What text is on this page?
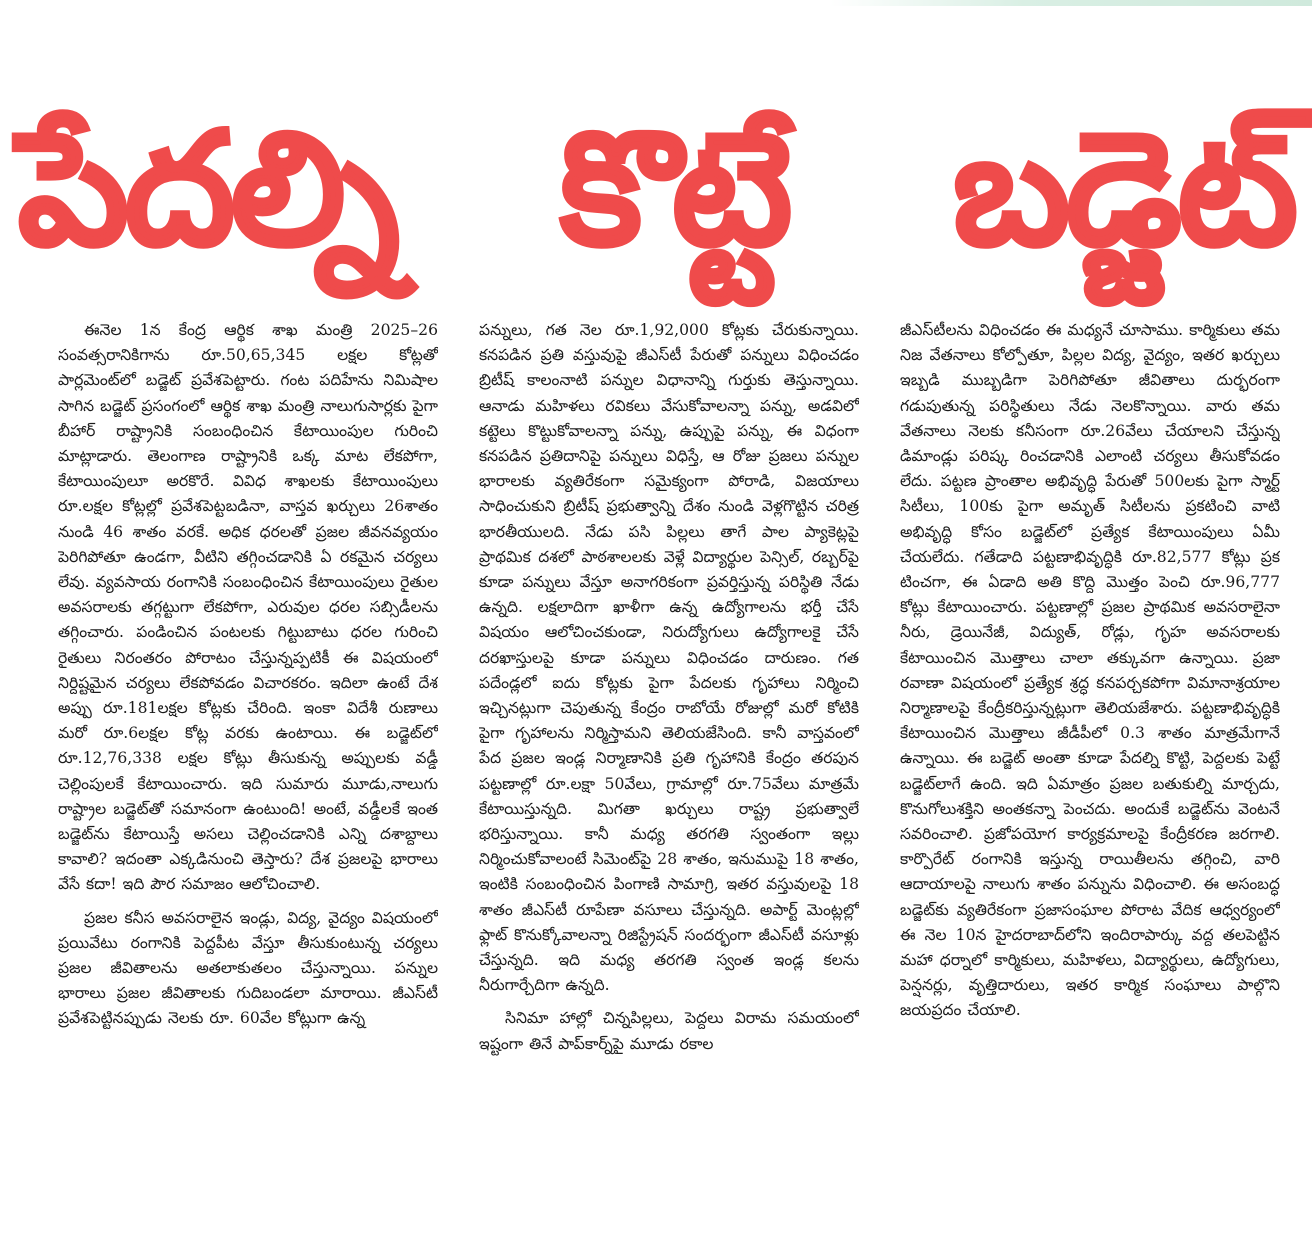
పేదల్ని కొట్టే బడ్జెట్

ఈనెల 1న కేంద్ర ఆర్థిక శాఖ మంత్రి 2025–26 సంవత్సరానికిగాను రూ.50,65,345 లక్షల కోట్లతో పార్లమెంట్‌లో బడ్జెట్ ప్రవేశపెట్టారు. గంట పదిహేను నిమిషాల సాగిన బడ్జెట్ ప్రసంగంలో ఆర్థిక శాఖ మంత్రి నాలుగుసార్లకు పైగా బీహార్ రాష్ట్రానికి సంబంధించిన కేటాయింపుల గురించి మాట్లాడారు. తెలంగాణ రాష్ట్రానికి ఒక్క మాట లేకపోగా, కేటాయింపులూ అరకొరే. వివిధ శాఖలకు కేటాయింపులు రూ.లక్షల కోట్లల్లో ప్రవేశపెట్టబడినా, వాస్తవ ఖర్చులు 26శాతం నుండి 46 శాతం వరకే. అధిక ధరలతో ప్రజల జీవనవ్యయం పెరిగిపోతూ ఉండగా, వీటిని తగ్గించడానికి ఏ రకమైన చర్యలు లేవు. వ్యవసాయ రంగానికి సంబంధించిన కేటాయింపులు రైతుల అవసరాలకు తగ్గట్టుగా లేకపోగా, ఎరువుల ధరల సబ్సిడీలను తగ్గించారు. పండించిన పంటలకు గిట్టుబాటు ధరల గురించి రైతులు నిరంతరం పోరాటం చేస్తున్నప్పటికీ ఈ విషయంలో నిర్దిష్టమైన చర్యలు లేకపోవడం విచారకరం. ఇదిలా ఉంటే దేశ అప్పు రూ.181లక్షల కోట్లకు చేరింది. ఇంకా విదేశీ రుణాలు మరో రూ.6లక్షల కోట్ల వరకు ఉంటాయి. ఈ బడ్జెట్‌లో రూ.12,76,338 లక్షల కోట్లు తీసుకున్న అప్పులకు వడ్డీ చెల్లింపులకే కేటాయించారు. ఇది సుమారు మూడు,నాలుగు రాష్ట్రాల బడ్జెట్‌తో సమానంగా ఉంటుంది! అంటే, వడ్డీలకే ఇంత బడ్జెట్‌ను కేటాయిస్తే అసలు చెల్లించడానికి ఎన్ని దశాబ్దాలు కావాలి? ఇదంతా ఎక్కడినుంచి తెస్తారు? దేశ ప్రజలపై భారాలు వేసే కదా! ఇది పౌర సమాజం ఆలోచించాలి.

ప్రజల కనీస అవసరాలైన ఇండ్లు, విద్య, వైద్యం విషయంలో ప్రయివేటు రంగానికి పెద్దపీట వేస్తూ తీసుకుంటున్న చర్యలు ప్రజల జీవితాలను అతలాకుతలం చేస్తున్నాయి. పన్నుల భారాలు ప్రజల జీవితాలకు గుదిబండలా మారాయి. జీఎస్‌టీ ప్రవేశపెట్టినప్పుడు నెలకు రూ. 60వేల కోట్లుగా ఉన్న

పన్నులు, గత నెల రూ.1,92,000 కోట్లకు చేరుకున్నాయి. కనపడిన ప్రతి వస్తువుపై జీఎస్‌టీ పేరుతో పన్నులు విధించడం బ్రిటీష్ కాలంనాటి పన్నుల విధానాన్ని గుర్తుకు తెస్తున్నాయి. ఆనాడు మహిళలు రవికలు వేసుకోవాలన్నా పన్ను, అడవిలో కట్టెలు కొట్టుకోవాలన్నా పన్ను, ఉప్పుపై పన్ను, ఈ విధంగా కనపడిన ప్రతిదానిపై పన్నులు విధిస్తే, ఆ రోజు ప్రజలు పన్నుల భారాలకు వ్యతిరేకంగా సమైక్యంగా పోరాడి, విజయాలు సాధించుకుని బ్రిటీష్ ప్రభుత్వాన్ని దేశం నుండి వెళ్లగొట్టిన చరిత్ర భారతీయులది. నేడు పసి పిల్లలు తాగే పాల ప్యాకెట్లపై ప్రాథమిక దశలో పాఠశాలలకు వెళ్లే విద్యార్థుల పెన్సిల్, రబ్బర్‌పై కూడా పన్నులు వేస్తూ అనాగరికంగా ప్రవర్తిస్తున్న పరిస్థితి నేడు ఉన్నది. లక్షలాదిగా ఖాళీగా ఉన్న ఉద్యోగాలను భర్తీ చేసే విషయం ఆలోచించకుండా, నిరుద్యోగులు ఉద్యోగాలకై చేసే దరఖాస్తులపై కూడా పన్నులు విధించడం దారుణం. గత పదేండ్లలో ఐదు కోట్లకు పైగా పేదలకు గృహాలు నిర్మించి ఇచ్చినట్లుగా చెపుతున్న కేంద్రం రాబోయే రోజుల్లో మరో కోటికి పైగా గృహాలను నిర్మిస్తామని తెలియజేసింది. కానీ వాస్తవంలో పేద ప్రజల ఇండ్ల నిర్మాణానికి ప్రతి గృహానికి కేంద్రం తరపున పట్టణాల్లో రూ.లక్షా 50వేలు, గ్రామాల్లో రూ.75వేలు మాత్రమే కేటాయిస్తున్నది. మిగతా ఖర్చులు రాష్ట్ర ప్రభుత్వాలే భరిస్తున్నాయి. కానీ మధ్య తరగతి స్వంతంగా ఇల్లు నిర్మించుకోవాలంటే సిమెంట్‌పై 28 శాతం, ఇనుముపై 18 శాతం, ఇంటికి సంబంధించిన పింగాణి సామాగ్రి, ఇతర వస్తువులపై 18 శాతం జీఎస్‌టీ రూపేణా వసూలు చేస్తున్నది. అపార్ట్ మెంట్లల్లో ఫ్లాట్ కొనుక్కోవాలన్నా రిజిస్ట్రేషన్ సందర్భంగా జీఎస్‌టీ వసూళ్లు చేస్తున్నది. ఇది మధ్య తరగతి స్వంత ఇండ్ల కలను నీరుగార్చేదిగా ఉన్నది.

సినిమా హాల్లో చిన్నపిల్లలు, పెద్దలు విరామ సమయంలో ఇష్టంగా తినే పాప్‌కార్న్‌పై మూడు రకాల

జీఎస్‌టీలను విధించడం ఈ మధ్యనే చూసాము. కార్మికులు తమ నిజ వేతనాలు కోల్పోతూ, పిల్లల విద్య, వైద్యం, ఇతర ఖర్చులు ఇబ్బడి ముబ్బడిగా పెరిగిపోతూ జీవితాలు దుర్భరంగా గడుపుతున్న పరిస్థితులు నేడు నెలకొన్నాయి. వారు తమ వేతనాలు నెలకు కనీసంగా రూ.26వేలు చేయాలని చేస్తున్న డిమాండ్లు పరిష్క రించడానికి ఎలాంటి చర్యలు తీసుకోవడం లేదు. పట్టణ ప్రాంతాల అభివృద్ధి పేరుతో 500లకు పైగా స్మార్ట్ సిటీలు, 100కు పైగా అమృత్ సిటీలను ప్రకటించి వాటి అభివృద్ధి కోసం బడ్జెట్‌లో ప్రత్యేక కేటాయింపులు ఏమీ చేయలేదు. గతేడాది పట్టణాభివృద్ధికి రూ.82,577 కోట్లు ప్రక టించగా, ఈ ఏడాది అతి కొద్ది మొత్తం పెంచి రూ.96,777 కోట్లు కేటాయించారు. పట్టణాల్లో ప్రజల ప్రాథమిక అవసరాలైనా నీరు, డ్రెయినేజీ, విద్యుత్, రోడ్లు, గృహ అవసరాలకు కేటాయించిన మొత్తాలు చాలా తక్కువగా ఉన్నాయి. ప్రజా రవాణా విషయంలో ప్రత్యేక శ్రద్ధ కనపర్చకపోగా విమానాశ్రయాల నిర్మాణాలపై కేంద్రీకరిస్తున్నట్లుగా తెలియజేశారు. పట్టణాభివృద్ధికి కేటాయించిన మొత్తాలు జీడీపీలో 0.3 శాతం మాత్రమేగానే ఉన్నాయి. ఈ బడ్జెట్ అంతా కూడా పేదల్ని కొట్టి, పెద్దలకు పెట్టే బడ్జెట్‌లాగే ఉంది. ఇది ఏమాత్రం ప్రజల బతుకుల్ని మార్చదు, కొనుగోలుశక్తిని అంతకన్నా పెంచదు. అందుకే బడ్జెట్‌ను వెంటనే సవరించాలి. ప్రజోపయోగ కార్యక్రమాలపై కేంద్రీకరణ జరగాలి. కార్పొరేట్ రంగానికి ఇస్తున్న రాయితీలను తగ్గించి, వారి ఆదాయాలపై నాలుగు శాతం పన్నును విధించాలి. ఈ అసంబద్ధ బడ్జెట్‌కు వ్యతిరేకంగా ప్రజాసంఘాల పోరాట వేదిక ఆధ్వర్యంలో ఈ నెల 10న హైదరాబాద్‌లోని ఇందిరాపార్కు వద్ద తలపెట్టిన మహా ధర్నాలో కార్మికులు, మహిళలు, విద్యార్థులు, ఉద్యోగులు, పెన్షనర్లు, వృత్తిదారులు, ఇతర కార్మిక సంఘాలు పాల్గొని జయప్రదం చేయాలి.
